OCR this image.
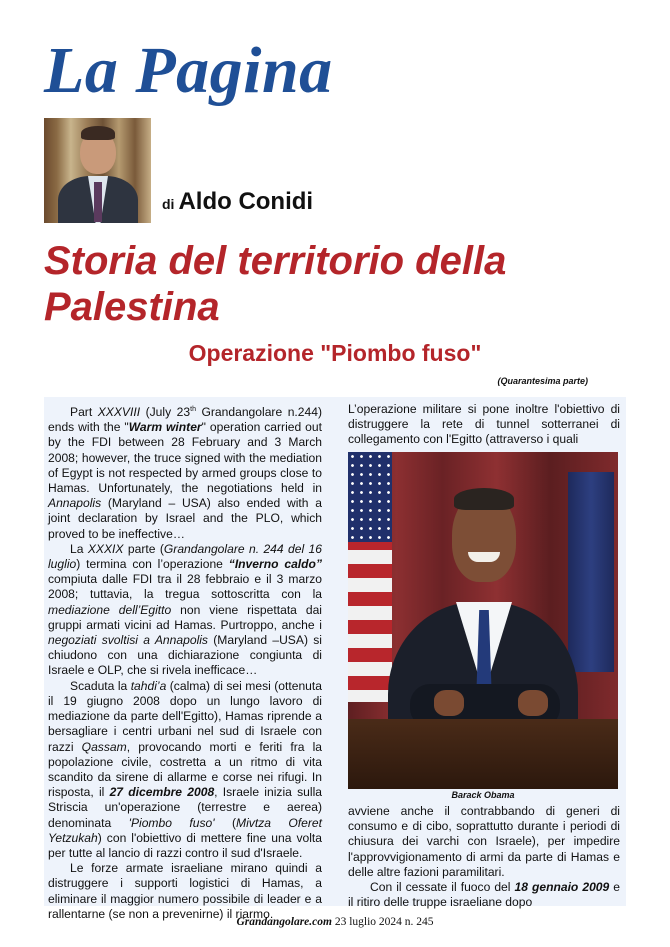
La Pagina
di Aldo Conidi
Storia del territorio della Palestina
Operazione "Piombo fuso"
(Quarantesima parte)

Part XXXVIII (July 23th Grandangolare n.244) ends with the "Warm winter" operation carried out by the FDI between 28 February and 3 March 2008; however, the truce signed with the mediation of Egypt is not respected by armed groups close to Hamas. Unfortunately, the negotiations held in Annapolis (Maryland – USA) also ended with a joint declaration by Israel and the PLO, which proved to be ineffective…

La XXXIX parte (Grandangolare n. 244 del 16 luglio) termina con l’operazione “Inverno caldo” compiuta dalle FDI tra il 28 febbraio e il 3 marzo 2008; tuttavia, la tregua sottoscritta con la mediazione dell’Egitto non viene rispettata dai gruppi armati vicini ad Hamas. Purtroppo, anche i negoziati svoltisi a Annapolis (Maryland –USA) si chiudono con una dichiarazione congiunta di Israele e OLP, che si rivela inefficace…

Scaduta la tahdi’a (calma) di sei mesi (ottenuta il 19 giugno 2008 dopo un lungo lavoro di mediazione da parte dell'Egitto), Hamas riprende a bersagliare i centri urbani nel sud di Israele con razzi Qassam, provocando morti e feriti fra la popolazione civile, costretta a un ritmo di vita scandito da sirene di allarme e corse nei rifugi. In risposta, il 27 dicembre 2008, Israele inizia sulla Striscia un'operazione (terrestre e aerea) denominata 'Piombo fuso' (Mivtza Oferet Yetzukah) con l'obiettivo di mettere fine una volta per tutte al lancio di razzi contro il sud d'Israele.

Le forze armate israeliane mirano quindi a distruggere i supporti logistici di Hamas, a eliminare il maggior numero possibile di leader e a rallentarne (se non a prevenirne) il riarmo.

L’operazione militare si pone inoltre l'obiettivo di distruggere la rete di tunnel sotterranei di collegamento con l'Egitto (attraverso i quali

Barack Obama

avviene anche il contrabbando di generi di consumo e di cibo, soprattutto durante i periodi di chiusura dei varchi con Israele), per impedire l'approvvigionamento di armi da parte di Hamas e delle altre fazioni paramilitari.

Con il cessate il fuoco del 18 gennaio 2009 e il ritiro delle truppe israeliane dopo

Grandangolare.com 23 luglio 2024 n. 245
